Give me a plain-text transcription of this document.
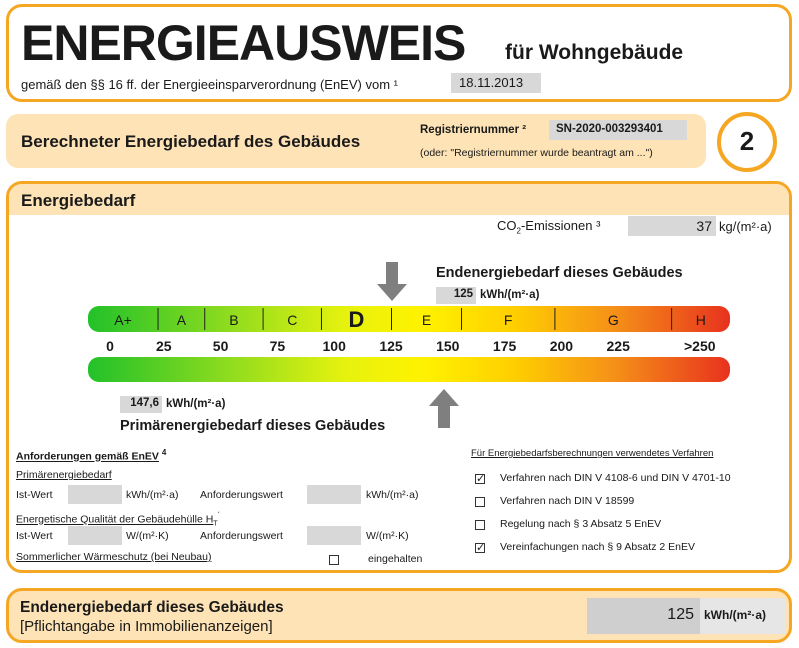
ENERGIEAUSWEIS für Wohngebäude
gemäß den §§ 16 ff. der Energieeinsparverordnung (EnEV) vom ¹	18.11.2013
Berechneter Energiebedarf des Gebäudes
Registriernummer ²	SN-2020-003293401
(oder: "Registriernummer wurde beantragt am ...")	2
Energiebedarf
$CO_2$-Emissionen ³	37 kg/(m²·a)
Endenergiebedarf dieses Gebäudes
125 kWh/(m²·a)
A+	A	B	C D	E	F	G	H
0	25	50	75	100	125	150	175	200	225	>250
147,6 kWh/(m²·a)
Primärenergiebedarf dieses Gebäudes
Anforderungen gemäß EnEV $^4$
Primärenergiebedarf
Ist-Wert	kWh/(m²·a) Anforderungswert	kWh/(m²·a)
Energetische Qualität der Gebäudehülle $H_T^´$
Ist-Wert	W/(m²·K)	Anforderungswert	W/(m²·K)
Sommerlicher Wärmeschutz (bei Neubau)	eingehalten
Für Energiebedarfsberechnungen verwendetes Verfahren
✓ Verfahren nach DIN V 4108-6 und DIN V 4701-10
Verfahren nach DIN V 18599
Regelung nach § 3 Absatz 5 EnEV
✓ Vereinfachungen nach § 9 Absatz 2 EnEV
Endenergiebedarf dieses Gebäudes
[Pflichtangabe in Immobilienanzeigen]
125 kWh/(m²·a)
